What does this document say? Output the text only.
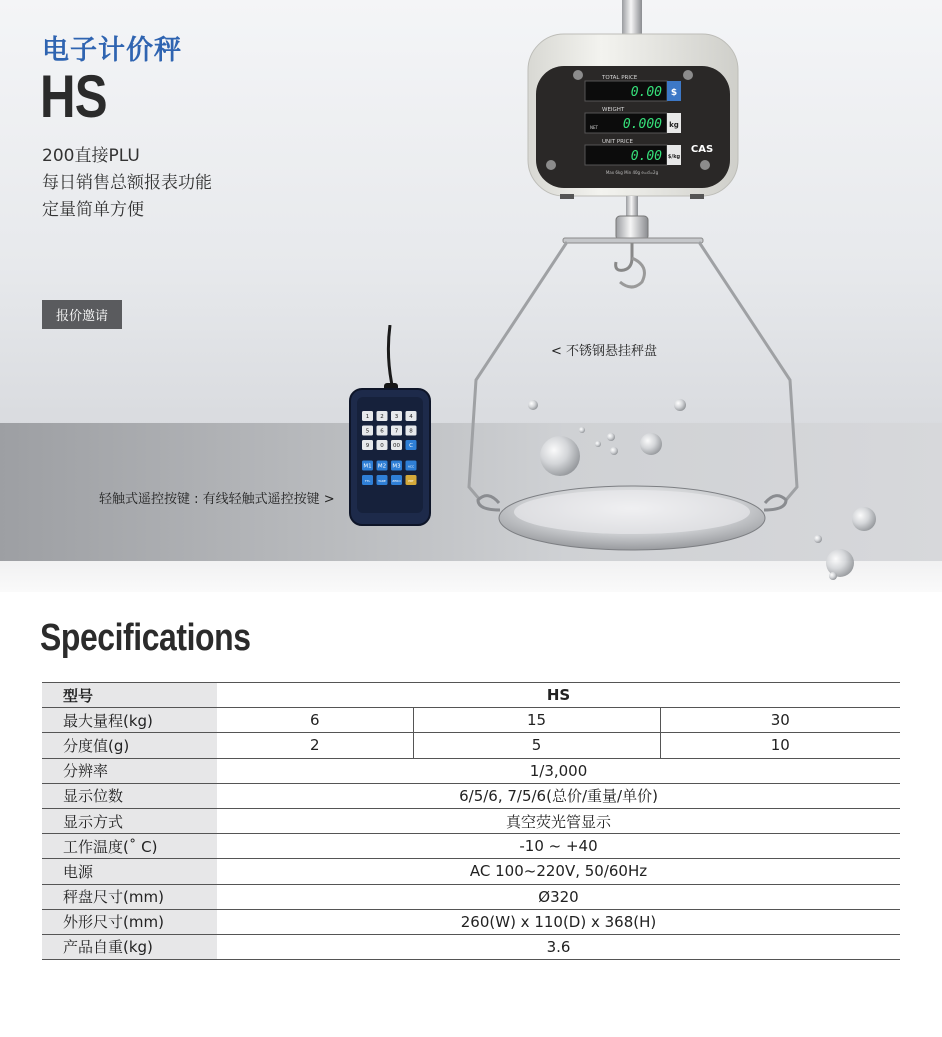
TOTAL PRICE
WEIGHT
UNIT PRICE
0.00
0.000
0.00
$
kg
$/kg
NET
CAS
Max 6kg Min 40g e=d=2g
1 2 3 4
5 6 7 8
9 0 00 C
M1 M2 M3 ACC
TTL	TARE ZERO	PRT
电子计价秤
HS
200直接PLU
每日销售总额报表功能
定量简单方便
报价邀请
< 不锈钢悬挂秤盘
轻触式遥控按键 : 有线轻触式遥控按键 >
Specifications
型号	HS		
最大量程(kg)	6	15	30
分度值(g)	2	5	10
分辨率	1/3,000		
显示位数	6/5/6, 7/5/6(总价/重量/单价)		
显示方式	真空荧光管显示		
工作温度(˚ C)	-10 ~ +40		
电源	AC 100~220V, 50/60Hz		
秤盘尺寸(mm)	Ø320		
外形尺寸(mm)	260(W) x 110(D) x 368(H)		
产品自重(kg)	3.6		
